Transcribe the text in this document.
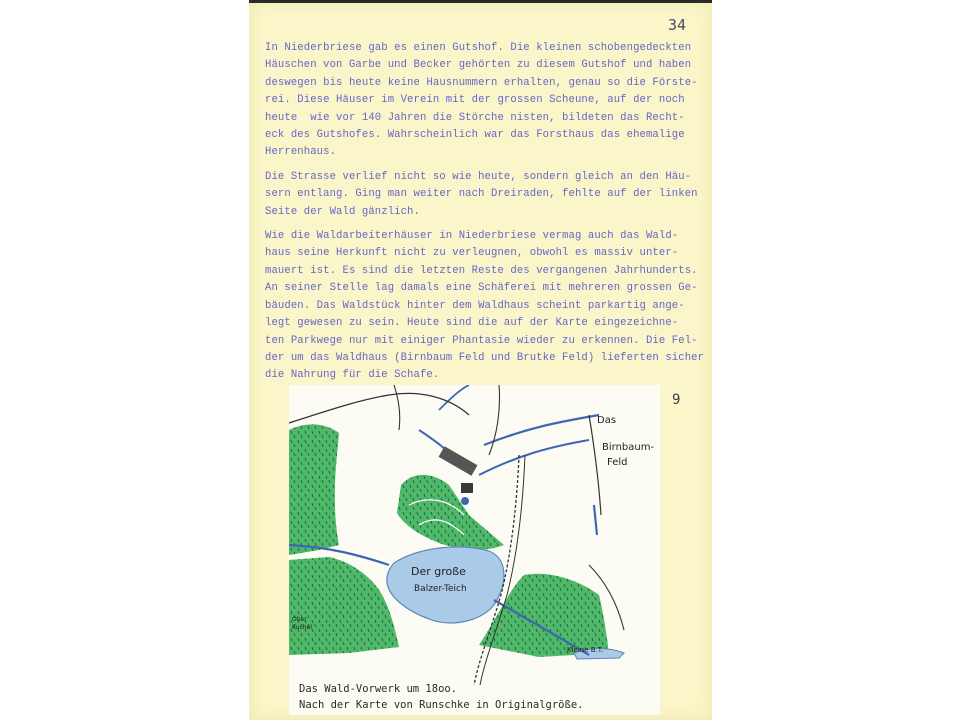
34
In Niederbriese gab es einen Gutshof. Die kleinen schobengedeckten
Häuschen von Garbe und Becker gehörten zu diesem Gutshof und haben
deswegen bis heute keine Hausnummern erhalten, genau so die Förste-
rei. Diese Häuser im Verein mit der grossen Scheune, auf der noch
heute  wie vor 140 Jahren die Störche nisten, bildeten das Recht-
eck des Gutshofes. Wahrscheinlich war das Forsthaus das ehemalige
Herrenhaus.
Die Strasse verlief nicht so wie heute, sondern gleich an den Häu-
sern entlang. Ging man weiter nach Dreiraden, fehlte auf der linken
Seite der Wald gänzlich.
Wie die Waldarbeiterhäuser in Niederbriese vermag auch das Wald-
haus seine Herkunft nicht zu verleugnen, obwohl es massiv unter-
mauert ist. Es sind die letzten Reste des vergangenen Jahrhunderts.
An seiner Stelle lag damals eine Schäferei mit mehreren grossen Ge-
bäuden. Das Waldstück hinter dem Waldhaus scheint parkartig ange-
legt gewesen zu sein. Heute sind die auf der Karte eingezeichne-
ten Parkwege nur mit einiger Phantasie wieder zu erkennen. Die Fel-
der um das Waldhaus (Birnbaum Feld und Brutke Feld) lieferten sicher
die Nahrung für die Schafe.
9
Das
Birnbaum-
Feld
Der große
Balzer-Teich
Kleine B.T.
Ober
Kuchel
Das Wald-Vorwerk um 18oo.
Nach der Karte von Runschke in Originalgröße.
